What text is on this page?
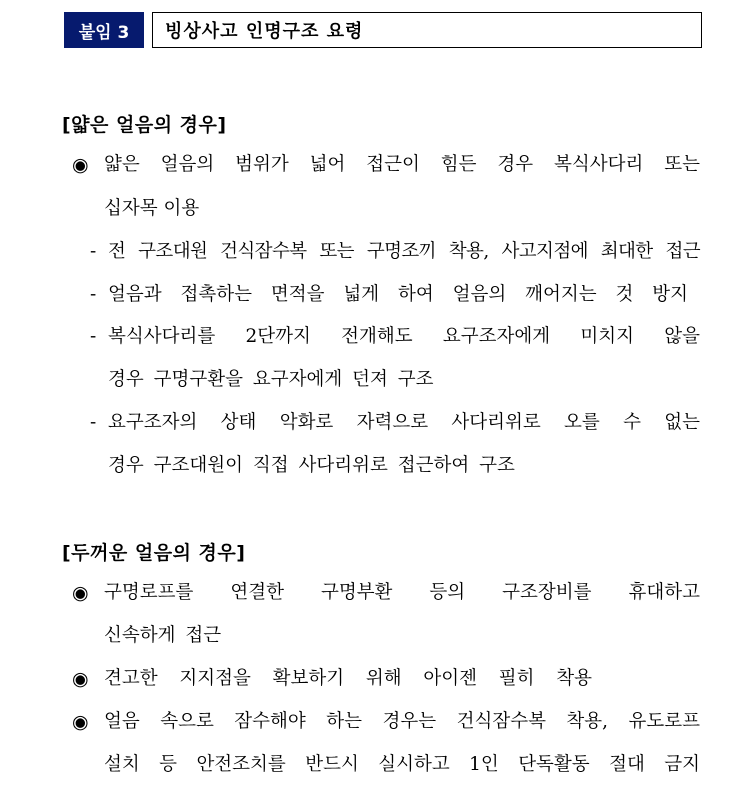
붙임 3	빙상사고 인명구조 요령
[얇은 얼음의 경우]
◉ 얇은 얼음의 범위가 넓어 접근이 힘든 경우 복식사다리 또는
십자목 이용
- 전 구조대원 건식잠수복 또는 구명조끼 착용, 사고지점에 최대한 접근
- 얼음과 접촉하는 면적을 넓게 하여 얼음의 깨어지는 것 방지
- 복식사다리를 2단까지 전개해도 요구조자에게 미치지 않을
경우 구명구환을 요구자에게 던져 구조
- 요구조자의 상태 악화로 자력으로 사다리위로 오를 수 없는
경우 구조대원이 직접 사다리위로 접근하여 구조
[두꺼운 얼음의 경우]
◉ 구명로프를 연결한 구명부환 등의 구조장비를 휴대하고
신속하게 접근
◉ 견고한 지지점을 확보하기 위해 아이젠 필히 착용
◉ 얼음 속으로 잠수해야 하는 경우는 건식잠수복 착용, 유도로프
설치 등 안전조치를 반드시 실시하고 1인 단독활동 절대 금지
